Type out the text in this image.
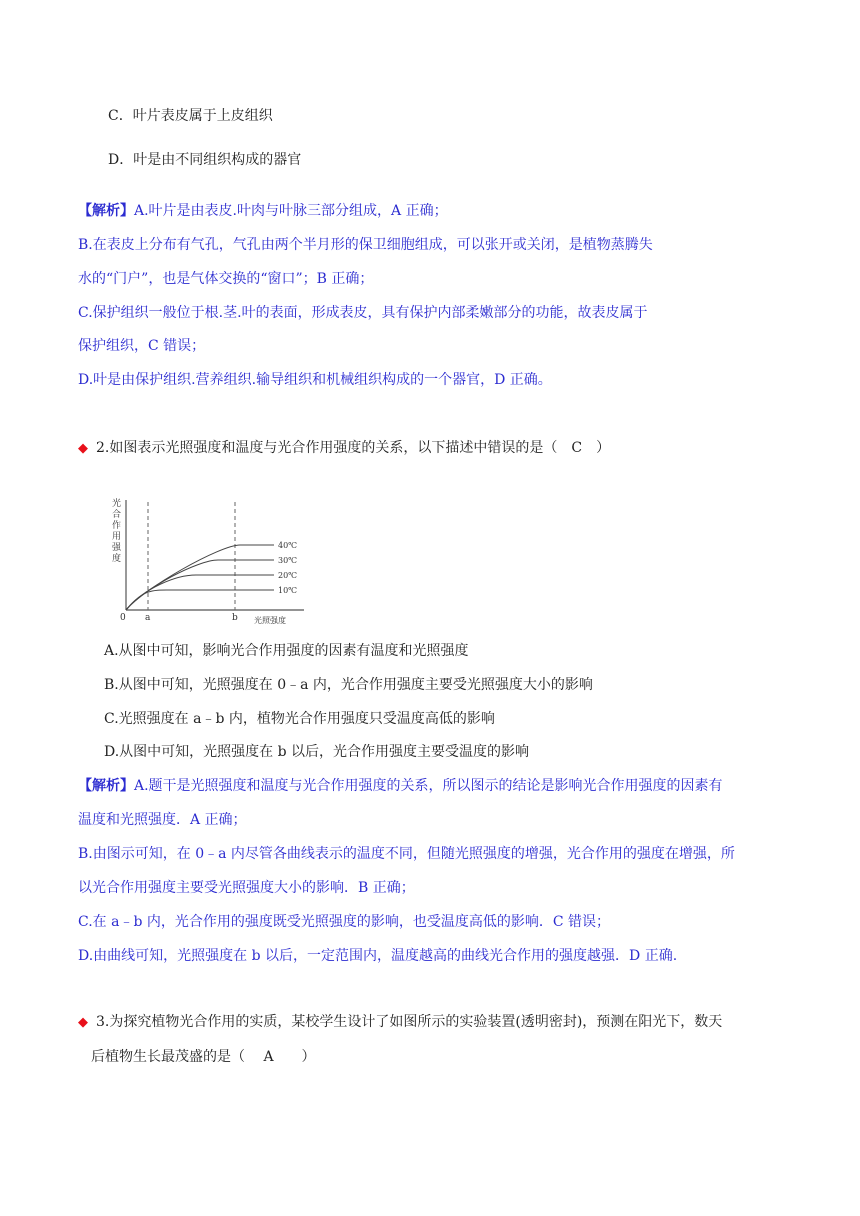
C．叶片表皮属于上皮组织
D．叶是由不同组织构成的器官
【解析】A.叶片是由表皮.叶肉与叶脉三部分组成，A 正确；
B.在表皮上分布有气孔，气孔由两个半月形的保卫细胞组成，可以张开或关闭，是植物蒸腾失
水的“门户”，也是气体交换的“窗口”；B 正确；
C.保护组织一般位于根.茎.叶的表面，形成表皮，具有保护内部柔嫩部分的功能，故表皮属于
保护组织，C 错误；
D.叶是由保护组织.营养组织.输导组织和机械组织构成的一个器官，D 正确。
◆ 2.如图表示光照强度和温度与光合作用强度的关系，以下描述中错误的是（　C　）
光
合
作
用
强
度
40℃
30℃
20℃
10℃
0 a	b 光照强度
A.从图中可知，影响光合作用强度的因素有温度和光照强度
B.从图中可知，光照强度在 0﹣a 内，光合作用强度主要受光照强度大小的影响
C.光照强度在 a﹣b 内，植物光合作用强度只受温度高低的影响
D.从图中可知，光照强度在 b 以后，光合作用强度主要受温度的影响
【解析】A.题干是光照强度和温度与光合作用强度的关系，所以图示的结论是影响光合作用强度的因素有
温度和光照强度．A 正确；
B.由图示可知，在 0﹣a 内尽管各曲线表示的温度不同，但随光照强度的增强，光合作用的强度在增强，所
以光合作用强度主要受光照强度大小的影响．B 正确；
C.在 a﹣b 内，光合作用的强度既受光照强度的影响，也受温度高低的影响．C 错误；
D.由曲线可知，光照强度在 b 以后，一定范围内，温度越高的曲线光合作用的强度越强．D 正确.
◆ 3.为探究植物光合作用的实质，某校学生设计了如图所示的实验装置(透明密封)，预测在阳光下，数天
后植物生长最茂盛的是（　 A　　）
